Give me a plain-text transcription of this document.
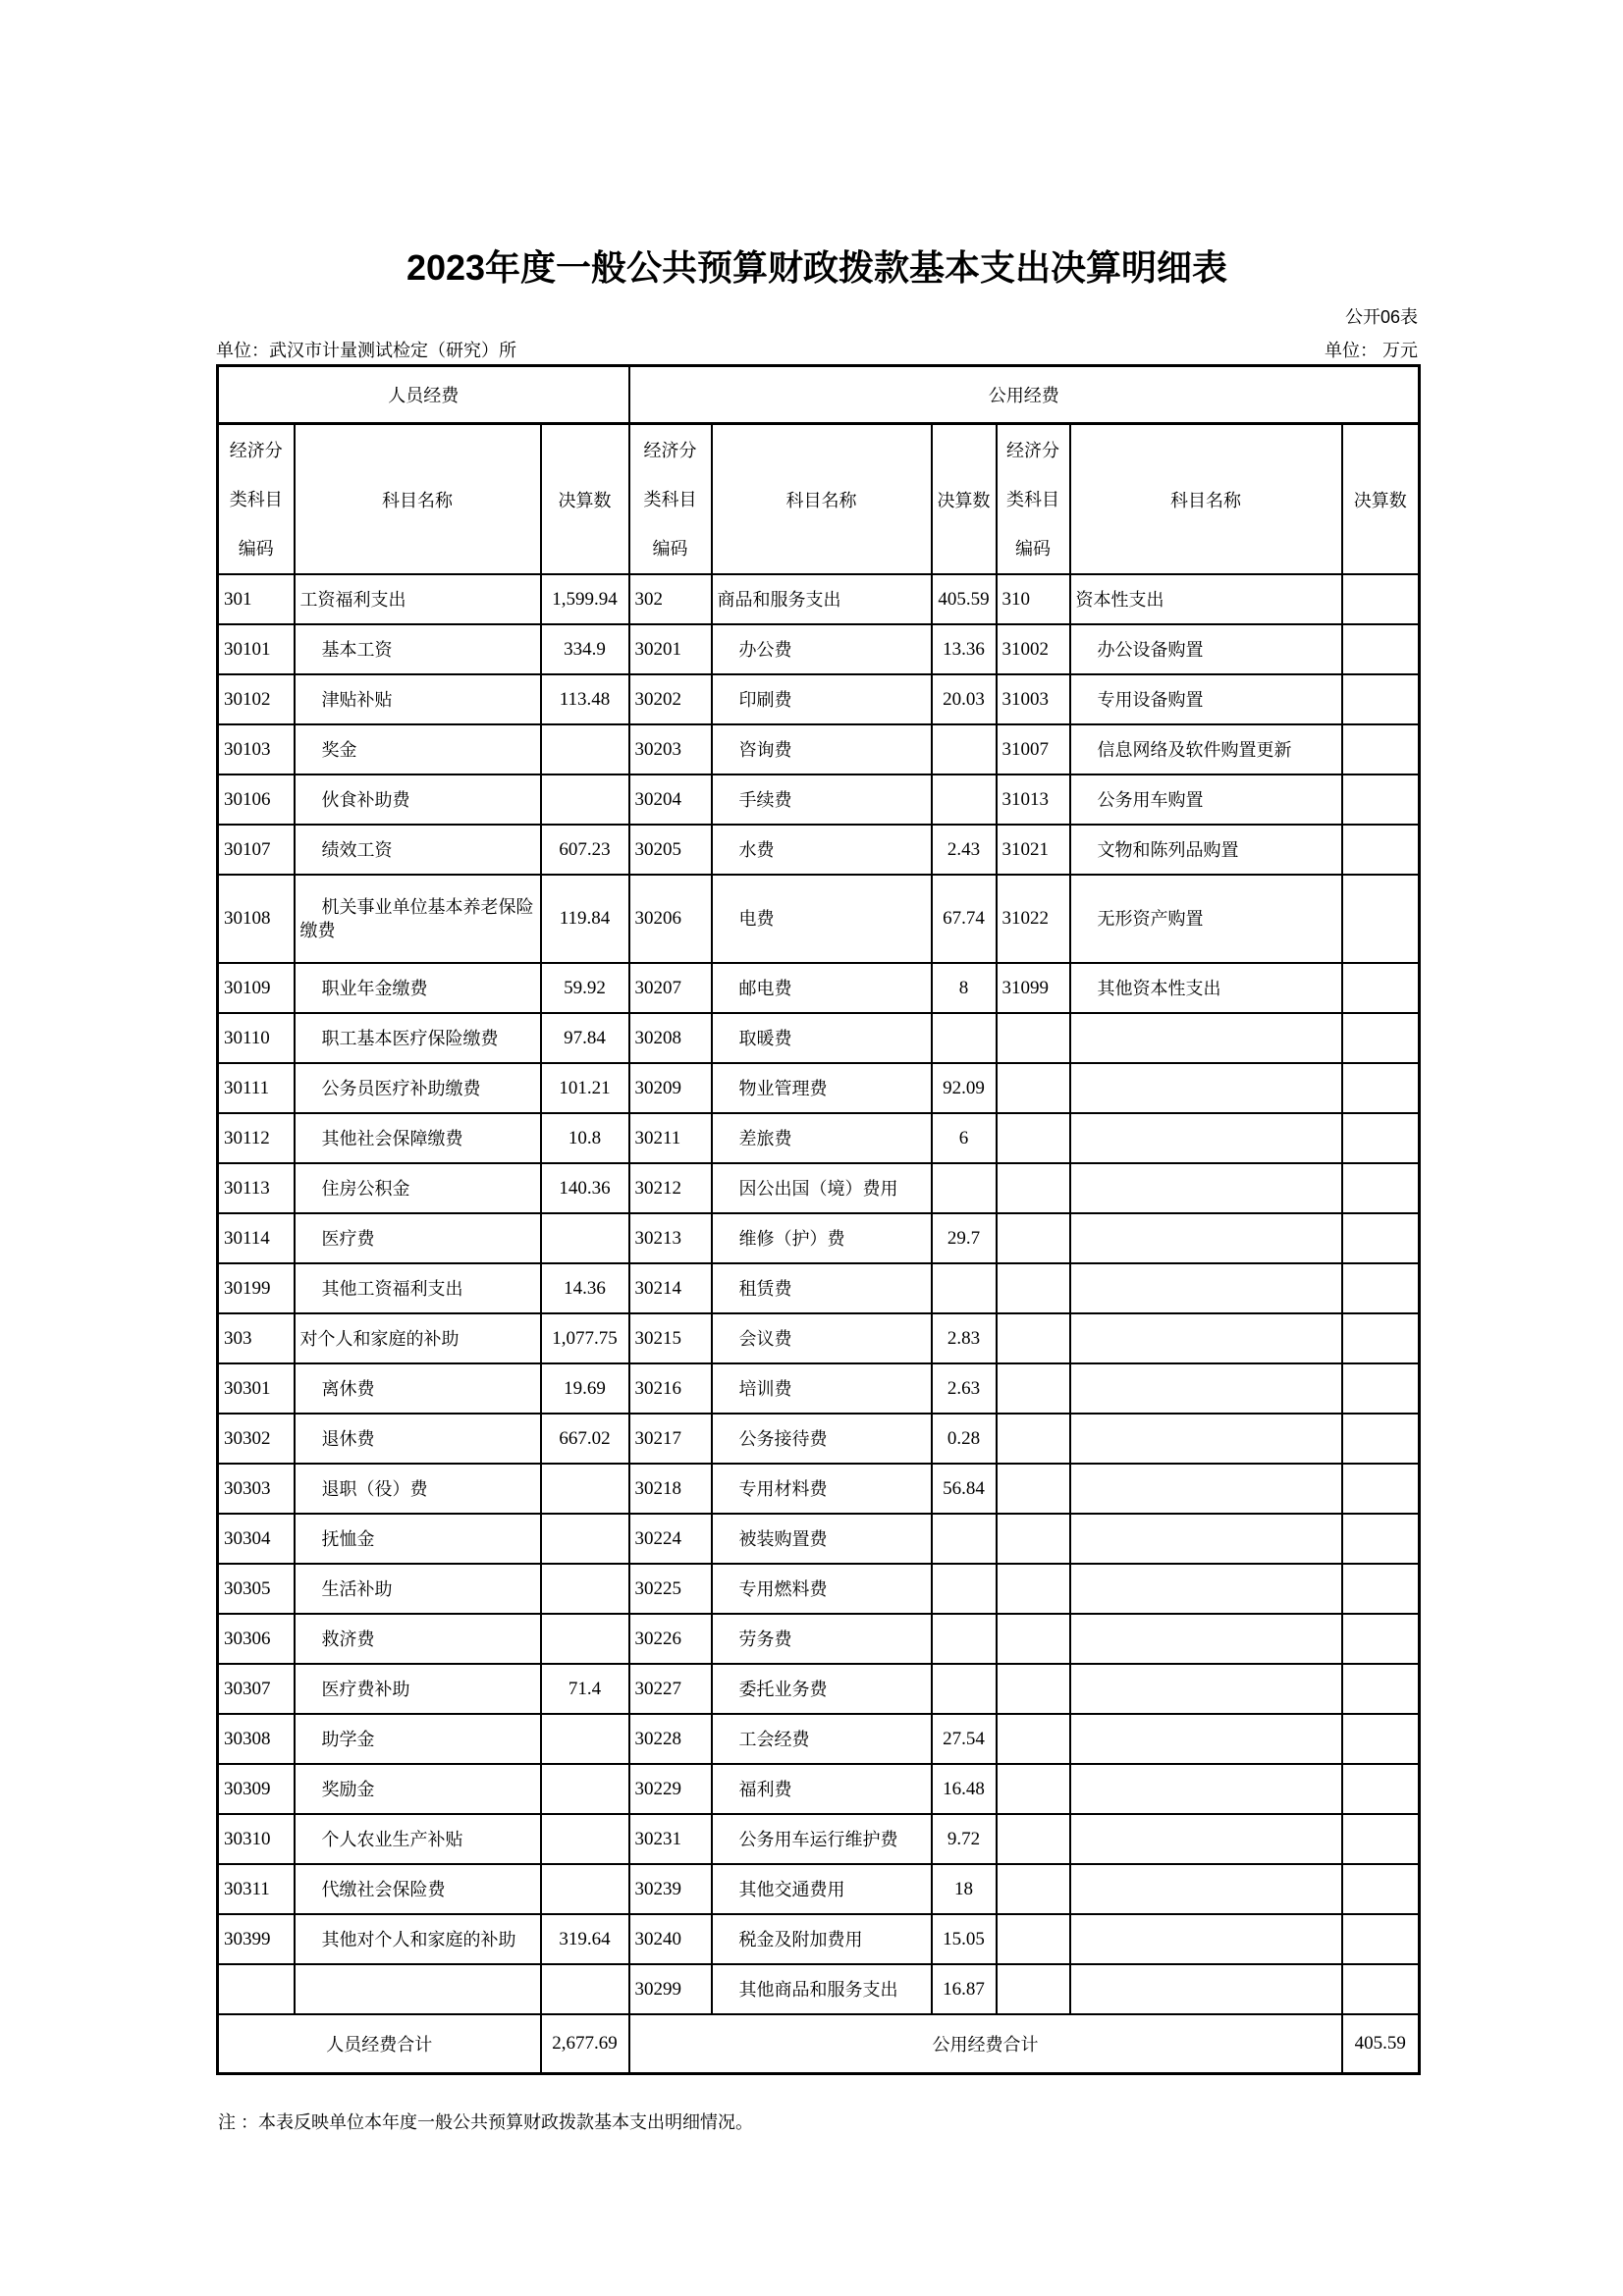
2023年度一般公共预算财政拨款基本支出决算明细表
公开06表
单位：武汉市计量测试检定（研究）所	单位： 万元
人员经费			公用经费					

经济分
类科目
编码
	科目名称	决算数	
经济分
类科目
编码
	科目名称	决算数	
经济分
类科目
编码
	科目名称	决算数
301	工资福利支出	1,599.94	302	商品和服务支出	405.59	310	资本性支出	
30101	基本工资	334.9	30201	办公费	13.36	31002	办公设备购置	
30102	津贴补贴	113.48	30202	印刷费	20.03	31003	专用设备购置	
30103	奖金		30203	咨询费		31007	信息网络及软件购置更新	
30106	伙食补助费		30204	手续费		31013	公务用车购置	
30107	绩效工资	607.23	30205	水费	2.43	31021	文物和陈列品购置	
30108	机关事业单位基本养老保险缴费	119.84	30206	电费	67.74	31022	无形资产购置	
30109	职业年金缴费	59.92	30207	邮电费	8	31099	其他资本性支出	
30110	职工基本医疗保险缴费	97.84	30208	取暖费				
30111	公务员医疗补助缴费	101.21	30209	物业管理费	92.09			
30112	其他社会保障缴费	10.8	30211	差旅费	6			
30113	住房公积金	140.36	30212	因公出国（境）费用				
30114	医疗费		30213	维修（护）费	29.7			
30199	其他工资福利支出	14.36	30214	租赁费				
303	对个人和家庭的补助	1,077.75	30215	会议费	2.83			
30301	离休费	19.69	30216	培训费	2.63			
30302	退休费	667.02	30217	公务接待费	0.28			
30303	退职（役）费		30218	专用材料费	56.84			
30304	抚恤金		30224	被装购置费				
30305	生活补助		30225	专用燃料费				
30306	救济费		30226	劳务费				
30307	医疗费补助	71.4	30227	委托业务费				
30308	助学金		30228	工会经费	27.54			
30309	奖励金		30229	福利费	16.48			
30310	个人农业生产补贴		30231	公务用车运行维护费	9.72			
30311	代缴社会保险费		30239	其他交通费用	18			
30399	其他对个人和家庭的补助	319.64	30240	税金及附加费用	15.05			
			30299	其他商品和服务支出	16.87			
人员经费合计		2,677.69	公用经费合计					405.59
注 ：本表反映单位本年度一般公共预算财政拨款基本支出明细情况。
